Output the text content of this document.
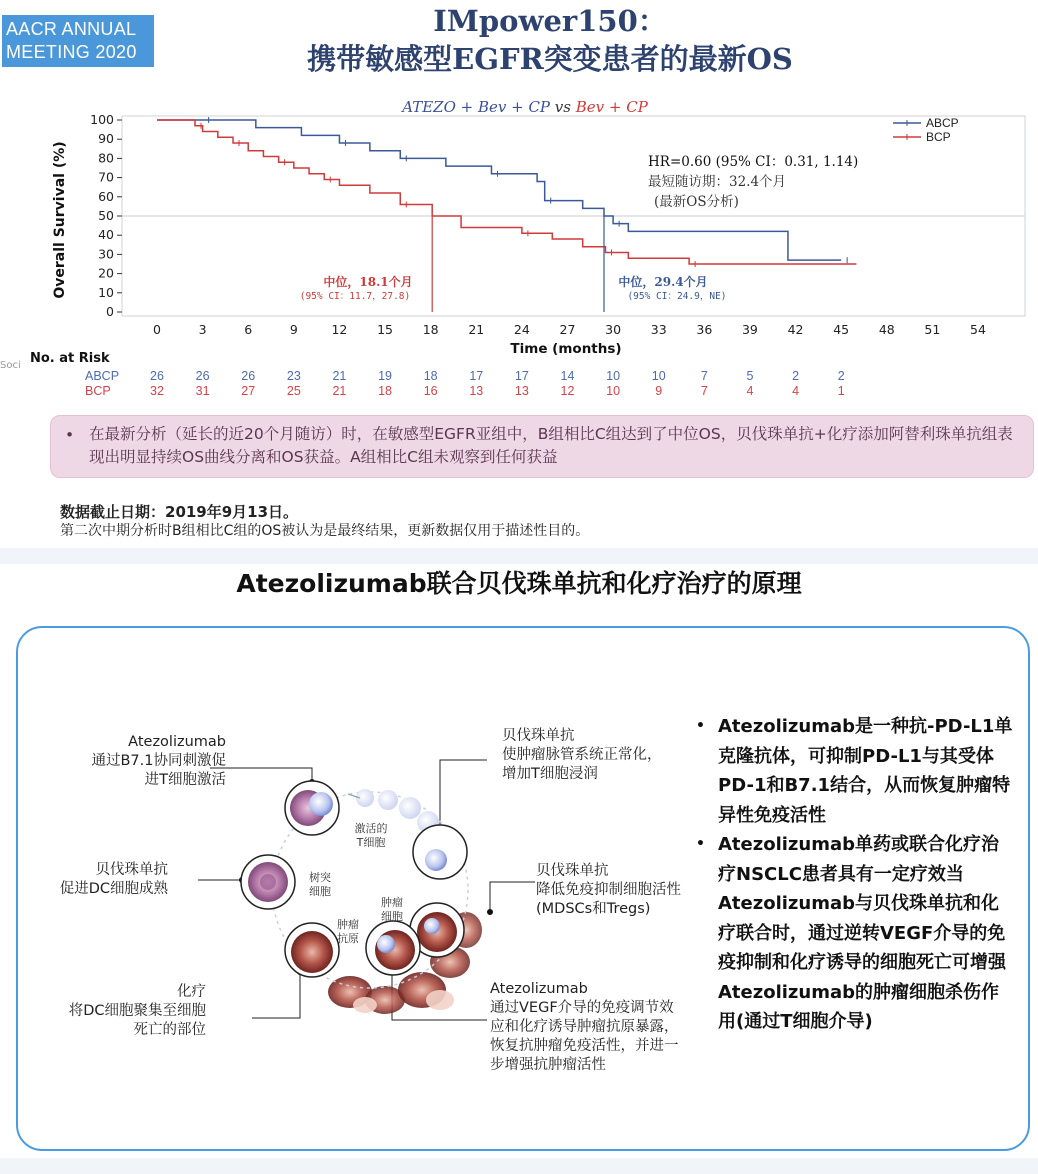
AACR ANNUAL
MEETING 2020
IMpower150：
携带敏感型EGFR突变患者的最新OS
0
10
20
30
40
50
60
70
80
90
100
0	3	6	9	12 15 18 21 24 27 30 33 36 39 42 45 48 51 54
Overall Survival (%)
Time (months)
ATEZO + Bev + CP vs Bev + CP
中位，18.1个月
(95% CI：11.7，27.8)
中位，29.4个月
(95% CI：24.9，NE)
HR=0.60 (95% CI：0.31, 1.14)
最短随访期：32.4个月
(最新OS分析)
ABCP
BCP
Soci No. at Risk
ABCP 26	26	26	23	21	19	18	17	17	14	10	10	7	5	2	2
BCP	32	31	27	25	21	18	16	13	13	12	10	9	7	4	4	1
• 在最新分析（延长的近20个月随访）时，在敏感型EGFR亚组中，B组相比C组达到了中位OS，贝伐珠单抗+化疗添加阿替利珠单抗组表现出明显持续OS曲线分离和OS获益。A组相比C组未观察到任何获益
数据截止日期：2019年9月13日。
第二次中期分析时B组相比C组的OS被认为是最终结果，更新数据仅用于描述性目的。
Atezolizumab联合贝伐珠单抗和化疗治疗的原理
Atezolizumab
通过B7.1协同刺激促
进T细胞激活
贝伐珠单抗
促进DC细胞成熟
化疗
将DC细胞聚集至细胞
死亡的部位
贝伐珠单抗
使肿瘤脉管系统正常化，
增加T细胞浸润
贝伐珠单抗
降低免疫抑制细胞活性
(MDSCs和Tregs)
Atezolizumab
通过VEGF介导的免疫调节效
应和化疗诱导肿瘤抗原暴露，
恢复抗肿瘤免疫活性，并进一
步增强抗肿瘤活性
激活的
T细胞
树突
细胞
肿瘤
细胞
肿瘤
抗原
• Atezolizumab是一种抗-PD-L1单克隆抗体，可抑制PD-L1与其受体PD-1和B7.1结合，从而恢复肿瘤特异性免疫活性
• Atezolizumab单药或联合化疗治疗NSCLC患者具有一定疗效当Atezolizumab与贝伐珠单抗和化疗联合时，通过逆转VEGF介导的免疫抑制和化疗诱导的细胞死亡可增强Atezolizumab的肿瘤细胞杀伤作用(通过T细胞介导)
